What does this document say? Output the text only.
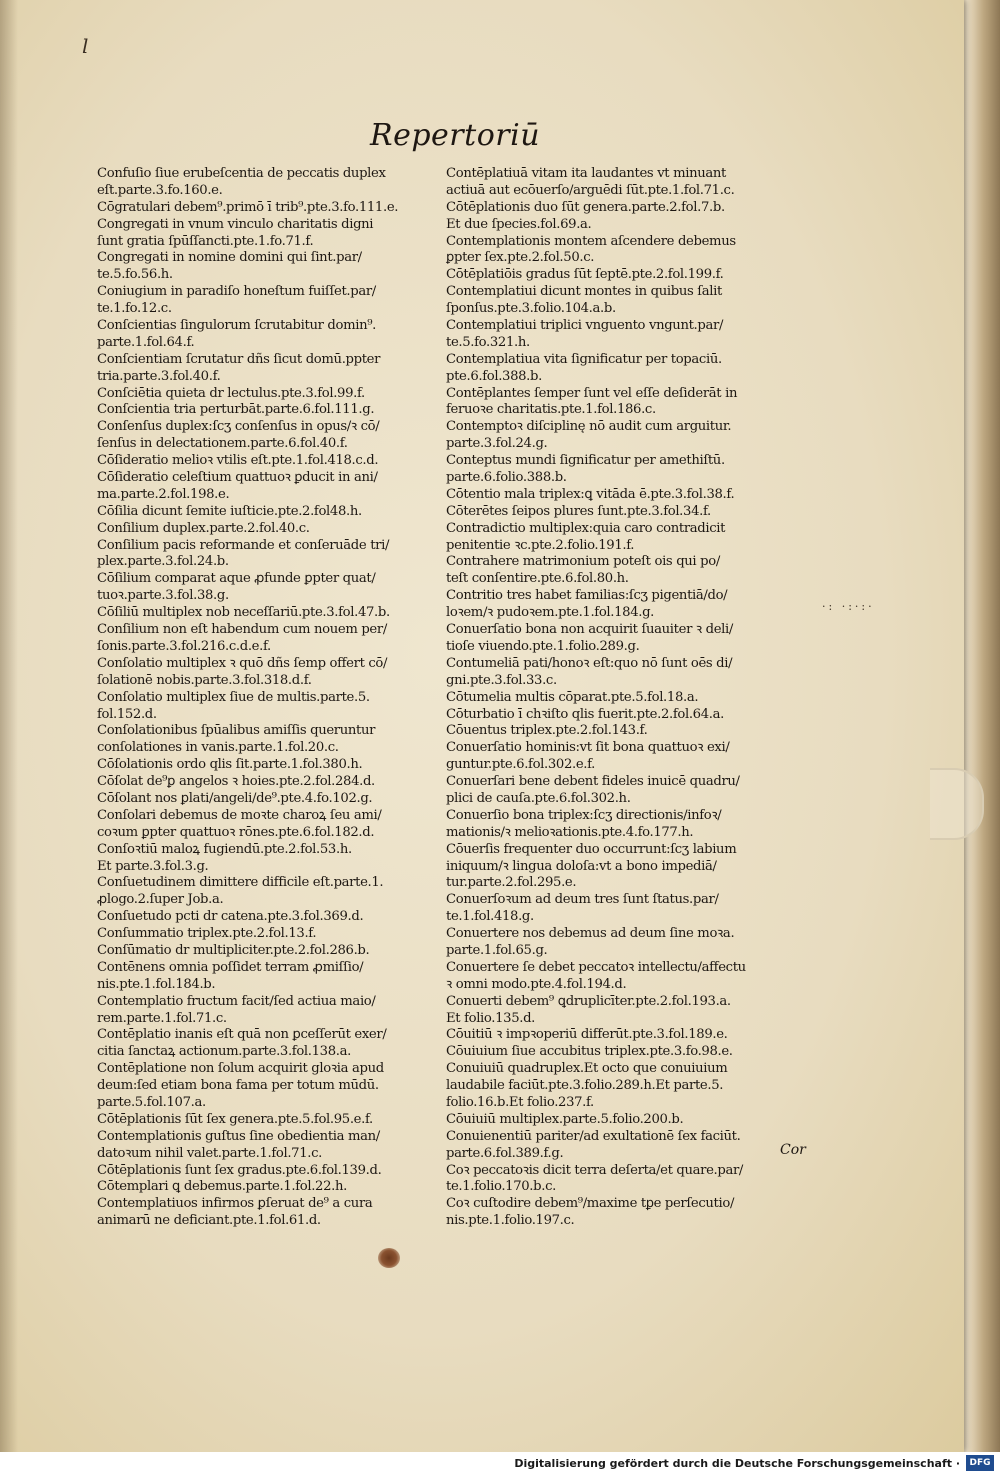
l
Repertoriū
Confuſio ſiue erubeſcentia de peccatis duplex
eſt.parte.3.fo.160.e.
Cōgratulari debem⁹.primō ī trib⁹.pte.3.fo.111.e.
Congregati in vnum vinculo charitatis digni
ſunt gratia ſpūſſancti.pte.1.fo.71.f.
Congregati in nomine domini qui ſint.par/
te.5.fo.56.h.
Coniugium in paradiſo honeſtum fuiſſet.par/
te.1.fo.12.c.
Conſcientias ſingulorum ſcrutabitur domin⁹.
parte.1.fol.64.f.
Conſcientiam ſcrutatur dñs ſicut domū.ppter
tria.parte.3.fol.40.f.
Conſciētia quieta dr lectulus.pte.3.fol.99.f.
Conſcientia tria perturbāt.parte.6.fol.111.g.
Conſenſus duplex:ſcʒ conſenſus in opus/ꝛ cō/
ſenſus in delectationem.parte.6.fol.40.f.
Cōſideratio melioꝛ vtilis eſt.pte.1.fol.418.c.d.
Cōſideratio celeſtium quattuoꝛ ꝑducit in ani/
ma.parte.2.fol.198.e.
Cōſilia dicunt ſemite iuſticie.pte.2.fol48.h.
Conſilium duplex.parte.2.fol.40.c.
Conſilium pacis reformande et conſeruāde tri/
plex.parte.3.fol.24.b.
Cōſilium comparat aque ꝓfunde ꝑpter quat/
tuoꝛ.parte.3.fol.38.g.
Cōſiliū multiplex nob neceſſariū.pte.3.fol.47.b.
Conſilium non eſt habendum cum nouem per/
ſonis.parte.3.fol.216.c.d.e.f.
Conſolatio multiplex ꝛ quō dñs ſemp offert cō/
ſolationē nobis.parte.3.fol.318.d.f.
Conſolatio multiplex ſiue de multis.parte.5.
fol.152.d.
Conſolationibus ſpūalibus amiſſis queruntur
conſolationes in vanis.parte.1.fol.20.c.
Cōſolationis ordo qlis ſit.parte.1.fol.380.h.
Cōſolat de⁹ꝑ angelos ꝛ hoies.pte.2.fol.284.d.
Cōſolant nos ꝑlati/angeli/de⁹.pte.4.fo.102.g.
Conſolari debemus de moꝛte charoꝝ ſeu ami/
coꝛum ꝑpter quattuoꝛ rōnes.pte.6.fol.182.d.
Conſoꝛtiū maloꝝ fugiendū.pte.2.fol.53.h.
Et parte.3.fol.3.g.
Conſuetudinem dimittere difficile eſt.parte.1.
ꝓlogo.2.ſuper Job.a.
Conſuetudo pcti dr catena.pte.3.fol.369.d.
Conſummatio triplex.pte.2.fol.13.f.
Conſūmatio dr multipliciter.pte.2.fol.286.b.
Contēnens omnia poſſidet terram ꝓmiſſio/
nis.pte.1.fol.184.b.
Contemplatio fructum facit/ſed actiua maio/
rem.parte.1.fol.71.c.
Contēplatio inanis eſt quā non ꝑceſſerūt exer/
citia ſanctaꝝ actionum.parte.3.fol.138.a.
Contēplatione non ſolum acquirit gloꝛia apud
deum:ſed etiam bona fama per totum mūdū.
parte.5.fol.107.a.
Cōtēplationis ſūt ſex genera.pte.5.fol.95.e.f.
Contemplationis guſtus ſine obedientia man/
datoꝛum nihil valet.parte.1.fol.71.c.
Cōtēplationis ſunt ſex gradus.pte.6.fol.139.d.
Cōtemplari ꝗ debemus.parte.1.fol.22.h.
Contemplatiuos infirmos ꝑſeruat de⁹ a cura
animarū ne deficiant.pte.1.fol.61.d.
Contēplatiuā vitam ita laudantes vt minuant
actiuā aut ecōuerſo/arguēdi ſūt.pte.1.fol.71.c.
Cōtēplationis duo ſūt genera.parte.2.fol.7.b.
Et due ſpecies.fol.69.a.
Contemplationis montem aſcendere debemus
ꝑpter ſex.pte.2.fol.50.c.
Cōtēplatiōis gradus ſūt ſeptē.pte.2.fol.199.f.
Contemplatiui dicunt montes in quibus ſalit
ſponſus.pte.3.folio.104.a.b.
Contemplatiui triplici vnguento vngunt.par/
te.5.fo.321.h.
Contemplatiua vita ſignificatur per topaciū.
pte.6.fol.388.b.
Contēplantes ſemper ſunt vel eſſe deſiderāt in
feruoꝛe charitatis.pte.1.fol.186.c.
Contemptoꝛ diſciplinę nō audit cum arguitur.
parte.3.fol.24.g.
Conteptus mundi ſignificatur per amethiſtū.
parte.6.folio.388.b.
Cōtentio mala triplex:ꝗ vitāda ē.pte.3.fol.38.f.
Cōterētes ſeipos plures ſunt.pte.3.fol.34.f.
Contradictio multiplex:quia caro contradicit
penitentie ꝛc.pte.2.folio.191.f.
Contrahere matrimonium poteſt ois qui po/
teſt conſentire.pte.6.fol.80.h.
Contritio tres habet familias:ſcʒ pigentiā/do/
loꝛem/ꝛ pudoꝛem.pte.1.fol.184.g.
Conuerſatio bona non acquirit ſuauiter ꝛ deli/
tioſe viuendo.pte.1.folio.289.g.
Contumeliā pati/honoꝛ eſt:quo nō ſunt oēs di/
gni.pte.3.fol.33.c.
Cōtumelia multis cōparat.pte.5.fol.18.a.
Cōturbatio ī chꝛiſto qlis fuerit.pte.2.fol.64.a.
Cōuentus triplex.pte.2.fol.143.f.
Conuerſatio hominis:vt ſit bona quattuoꝛ exi/
guntur.pte.6.fol.302.e.f.
Conuerſari bene debent fideles inuicē quadru/
plici de cauſa.pte.6.fol.302.h.
Conuerſio bona triplex:ſcʒ directionis/infoꝛ/
mationis/ꝛ melioꝛationis.pte.4.fo.177.h.
Cōuerſis frequenter duo occurrunt:ſcʒ labium
iniquum/ꝛ lingua doloſa:vt a bono impediā/
tur.parte.2.fol.295.e.
Conuerſoꝛum ad deum tres ſunt ſtatus.par/
te.1.fol.418.g.
Conuertere nos debemus ad deum ſine moꝛa.
parte.1.fol.65.g.
Conuertere ſe debet peccatoꝛ intellectu/affectu
ꝛ omni modo.pte.4.fol.194.d.
Conuerti debem⁹ ꝗdruplicīter.pte.2.fol.193.a.
Et folio.135.d.
Cōuitiū ꝛ impꝛoperiū differūt.pte.3.fol.189.e.
Cōuiuium ſiue accubitus triplex.pte.3.fo.98.e.
Conuiuiū quadruplex.Et octo que conuiuium
laudabile faciūt.pte.3.folio.289.h.Et parte.5.
folio.16.b.Et folio.237.f.
Cōuiuiū multiplex.parte.5.folio.200.b.
Conuienentiū pariter/ad exultationē ſex faciūt.
parte.6.fol.389.f.g.
Coꝛ peccatoꝛis dicit terra deſerta/et quare.par/
te.1.folio.170.b.c.
Coꝛ cuſtodire debem⁹/maxime tꝑe perſecutio/
nis.pte.1.folio.197.c.
Cor
·: ·:·:·
Digitalisierung gefördert durch die Deutsche Forschungsgemeinschaft ·	DFG
